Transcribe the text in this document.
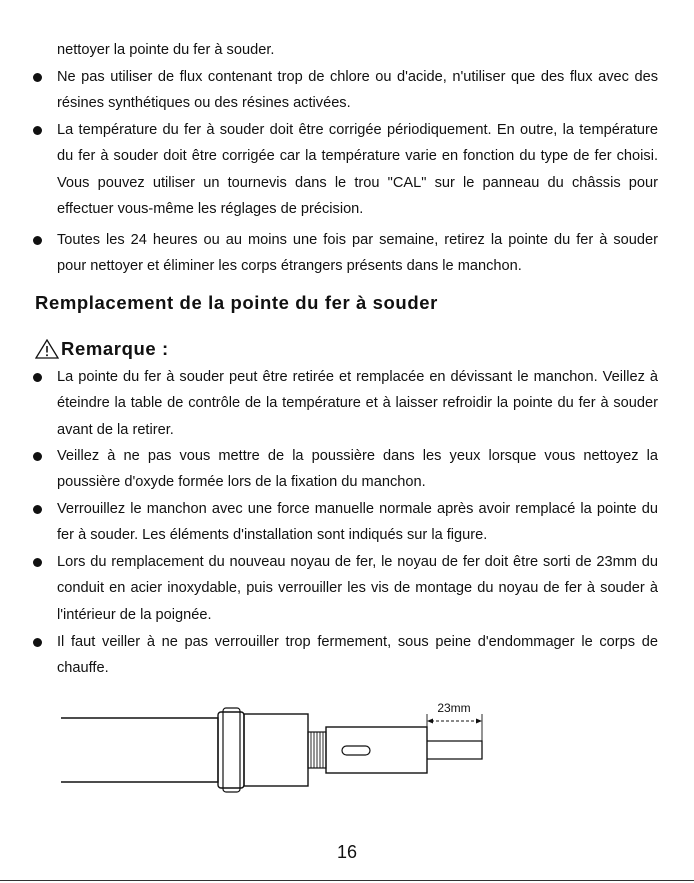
nettoyer la pointe du fer à souder.
Ne pas utiliser de flux contenant trop de chlore ou d'acide, n'utiliser que des flux avec des résines synthétiques ou des résines activées.
La température du fer à souder doit être corrigée périodiquement. En outre, la température du fer à souder doit être corrigée car la température varie en fonction du type de fer choisi. Vous pouvez utiliser un tournevis dans le trou "CAL" sur le panneau du châssis pour effectuer vous-même les réglages de précision.
Toutes les 24 heures ou au moins une fois par semaine, retirez la pointe du fer à souder pour nettoyer et éliminer les corps étrangers présents dans le manchon.
Remplacement de la pointe du fer à souder
Remarque :
La pointe du fer à souder peut être retirée et remplacée en dévissant le manchon. Veillez à éteindre la table de contrôle de la température et à laisser refroidir la pointe du fer à souder avant de la retirer.
Veillez à ne pas vous mettre de la poussière dans les yeux lorsque vous nettoyez la poussière d'oxyde formée lors de la fixation du manchon.
Verrouillez le manchon avec une force manuelle normale après avoir remplacé la pointe du fer à souder. Les éléments d'installation sont indiqués sur la figure.
Lors du remplacement du nouveau noyau de fer, le noyau de fer doit être sorti de 23mm du conduit en acier inoxydable, puis verrouiller les vis de montage du noyau de fer à souder à l'intérieur de la poignée.
Il faut veiller à ne pas verrouiller trop fermement, sous peine d'endommager le corps de chauffe.
23mm
16
